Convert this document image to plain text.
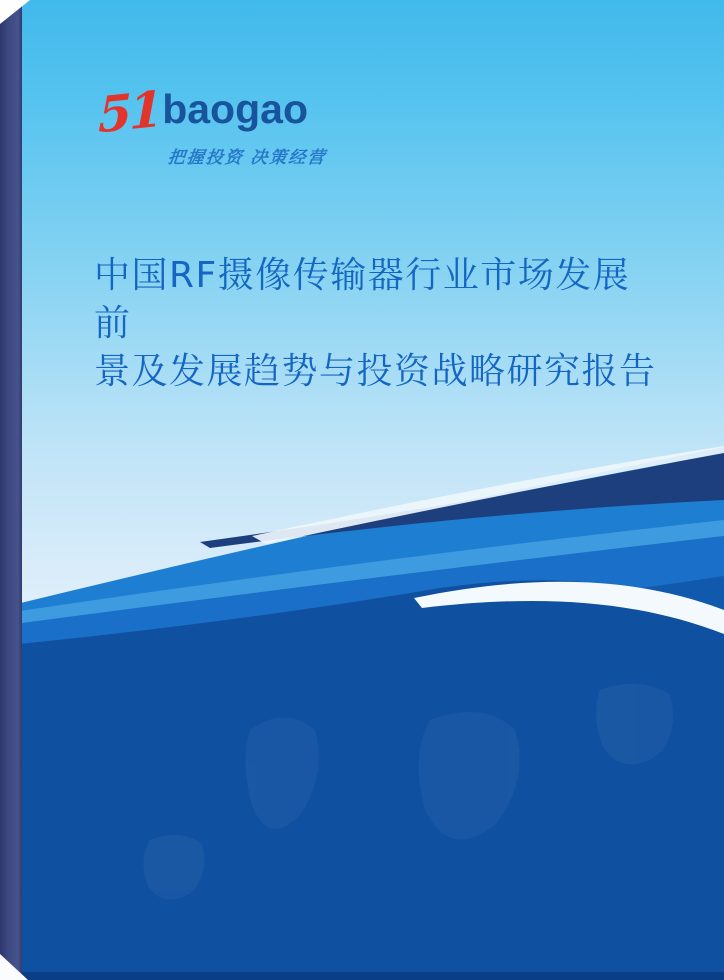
51baogao
把握投资 决策经营
中国RF摄像传输器行业市场发展前
景及发展趋势与投资战略研究报告
